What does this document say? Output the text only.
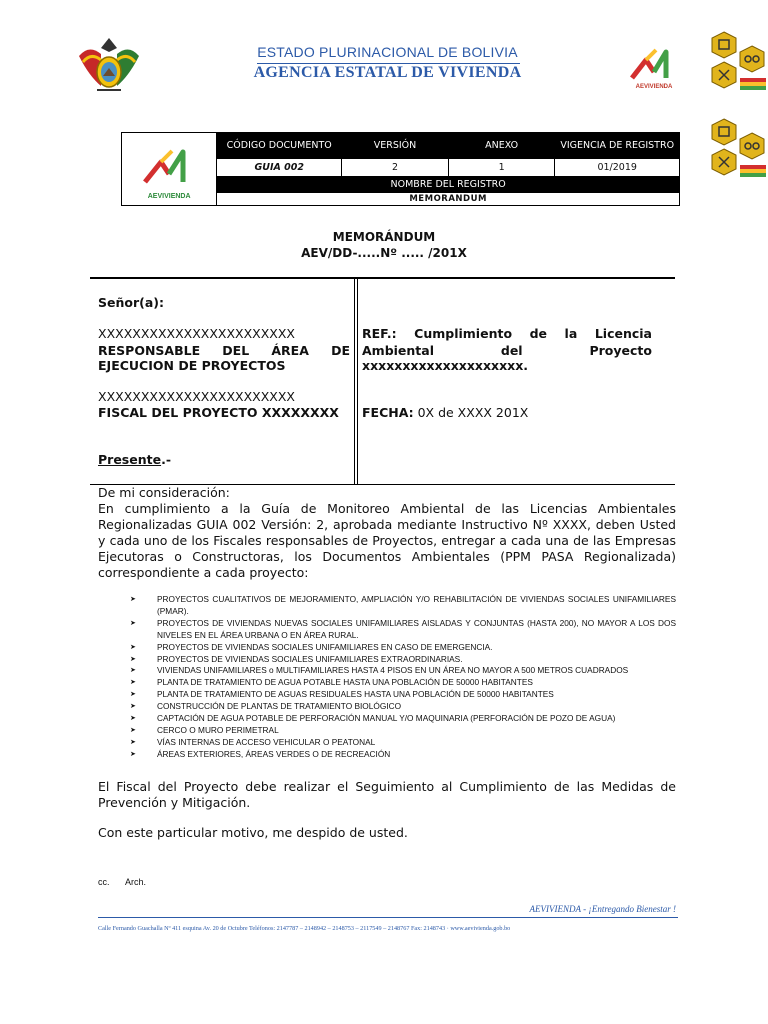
ESTADO PLURINACIONAL DE BOLIVIA
AGENCIA ESTATAL DE VIVIENDA
AEVIVIENDA
AEVIVIENDA	CÓDIGO DOCUMENTO	VERSIÓN	ANEXO	VIGENCIA DE REGISTRO
	GUIA 002	2	1	01/2019
	NOMBRE DEL REGISTRO			
	MEMORANDUM			
MEMORÁNDUM
AEV/DD-.....Nº ..... /201X
Señor(a):
XXXXXXXXXXXXXXXXXXXXXXX
RESPONSABLE DEL ÁREA DE
EJECUCION DE PROYECTOS
XXXXXXXXXXXXXXXXXXXXXXX
FISCAL DEL PROYECTO XXXXXXXX
Presente.-
REF.: Cumplimiento de la Licencia
Ambiental del Proyecto
xxxxxxxxxxxxxxxxxxxx.
FECHA: 0X de XXXX 201X
De mi consideración:
En cumplimiento a la Guía de Monitoreo Ambiental de las Licencias Ambientales Regionalizadas GUIA 002 Versión: 2, aprobada mediante Instructivo Nº XXXX, deben Usted y cada uno de los Fiscales responsables de Proyectos, entregar a cada una de las Empresas Ejecutoras o Constructoras, los Documentos Ambientales (PPM PASA Regionalizada) correspondiente a cada proyecto:
➤ PROYECTOS CUALITATIVOS DE MEJORAMIENTO, AMPLIACIÓN Y/O REHABILITACIÓN DE VIVIENDAS SOCIALES UNIFAMILIARES (PMAR).
➤ PROYECTOS DE VIVIENDAS NUEVAS SOCIALES UNIFAMILIARES AISLADAS Y CONJUNTAS (HASTA 200), NO MAYOR A LOS DOS NIVELES EN EL ÁREA URBANA O EN ÁREA RURAL.
➤ PROYECTOS DE VIVIENDAS SOCIALES UNIFAMILIARES EN CASO DE EMERGENCIA.
➤ PROYECTOS DE VIVIENDAS SOCIALES UNIFAMILIARES EXTRAORDINARIAS.
➤ VIVIENDAS UNIFAMILIARES o MULTIFAMILIARES HASTA 4 PISOS EN UN ÁREA NO MAYOR A 500 METROS CUADRADOS
➤ PLANTA DE TRATAMIENTO DE AGUA POTABLE HASTA UNA POBLACIÓN DE 50000 HABITANTES
➤ PLANTA DE TRATAMIENTO DE AGUAS RESIDUALES HASTA UNA POBLACIÓN DE 50000 HABITANTES
➤ CONSTRUCCIÓN DE PLANTAS DE TRATAMIENTO BIOLÓGICO
➤ CAPTACIÓN DE AGUA POTABLE DE PERFORACIÓN MANUAL Y/O MAQUINARIA (PERFORACIÓN DE POZO DE AGUA)
➤ CERCO O MURO PERIMETRAL
➤ VÍAS INTERNAS DE ACCESO VEHICULAR O PEATONAL
➤ ÁREAS EXTERIORES, ÁREAS VERDES O DE RECREACIÓN
El Fiscal del Proyecto debe realizar el Seguimiento al Cumplimiento de las Medidas de Prevención y Mitigación.
Con este particular motivo, me despido de usted.
cc. Arch.
AEVIVIENDA - ¡Entregando Bienestar !
Calle Fernando Guachalla Nº 411 esquina Av. 20 de Octubre Teléfonos: 2147787 – 2148942 – 2148753 – 2117549 – 2148767 Fax: 2148743 · www.aevivienda.gob.bo
